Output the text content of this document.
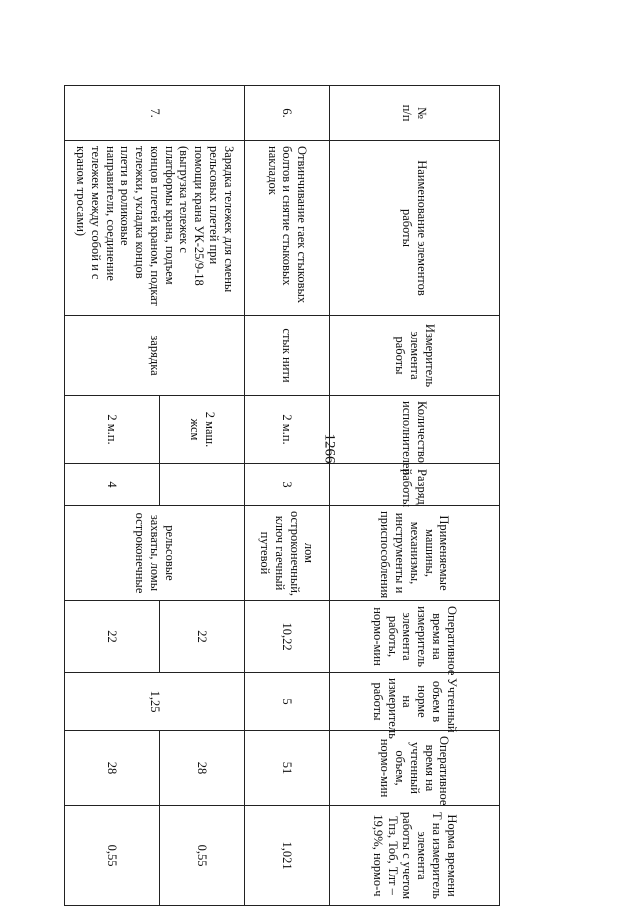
1266
№
п/п	Наименование элементов работы	Измеритель элемента работы	Количество исполнителей	Разряд работы	Применяемые машины, механизмы, инструменты и приспособления	Оперативное время на измеритель элемента работы, нормо-мин	Учтенный объем в норме на измеритель работы	Оперативное время на учтенный объем, нормо-мин	Норма времени Т на измеритель элемента работы с учетом Тпз, Тоб, Тлт – 19,9%, нормо-ч
6.	Отвинчивание гаек стыковых болтов и снятие стыковых накладок	стык нити	2 м.п.	3	лом остроконечный, ключ гаечный путевой	10,22	5	51	1,021
7.	Зарядка тележек для смены рельсовых плетей при помощи крана УК-25/9-18 (выгрузка тележек с платформы крана, подъем концов плетей краном, подкат тележки, укладка концов плети в роликовые направители, соединение тележек между собой и с краном тросами)	зарядка	2 маш. жсм		рельсовые захваты, ломы остроконечные	22	1,25	28	0,55
			2 м.п.	4		22		28	0,55
